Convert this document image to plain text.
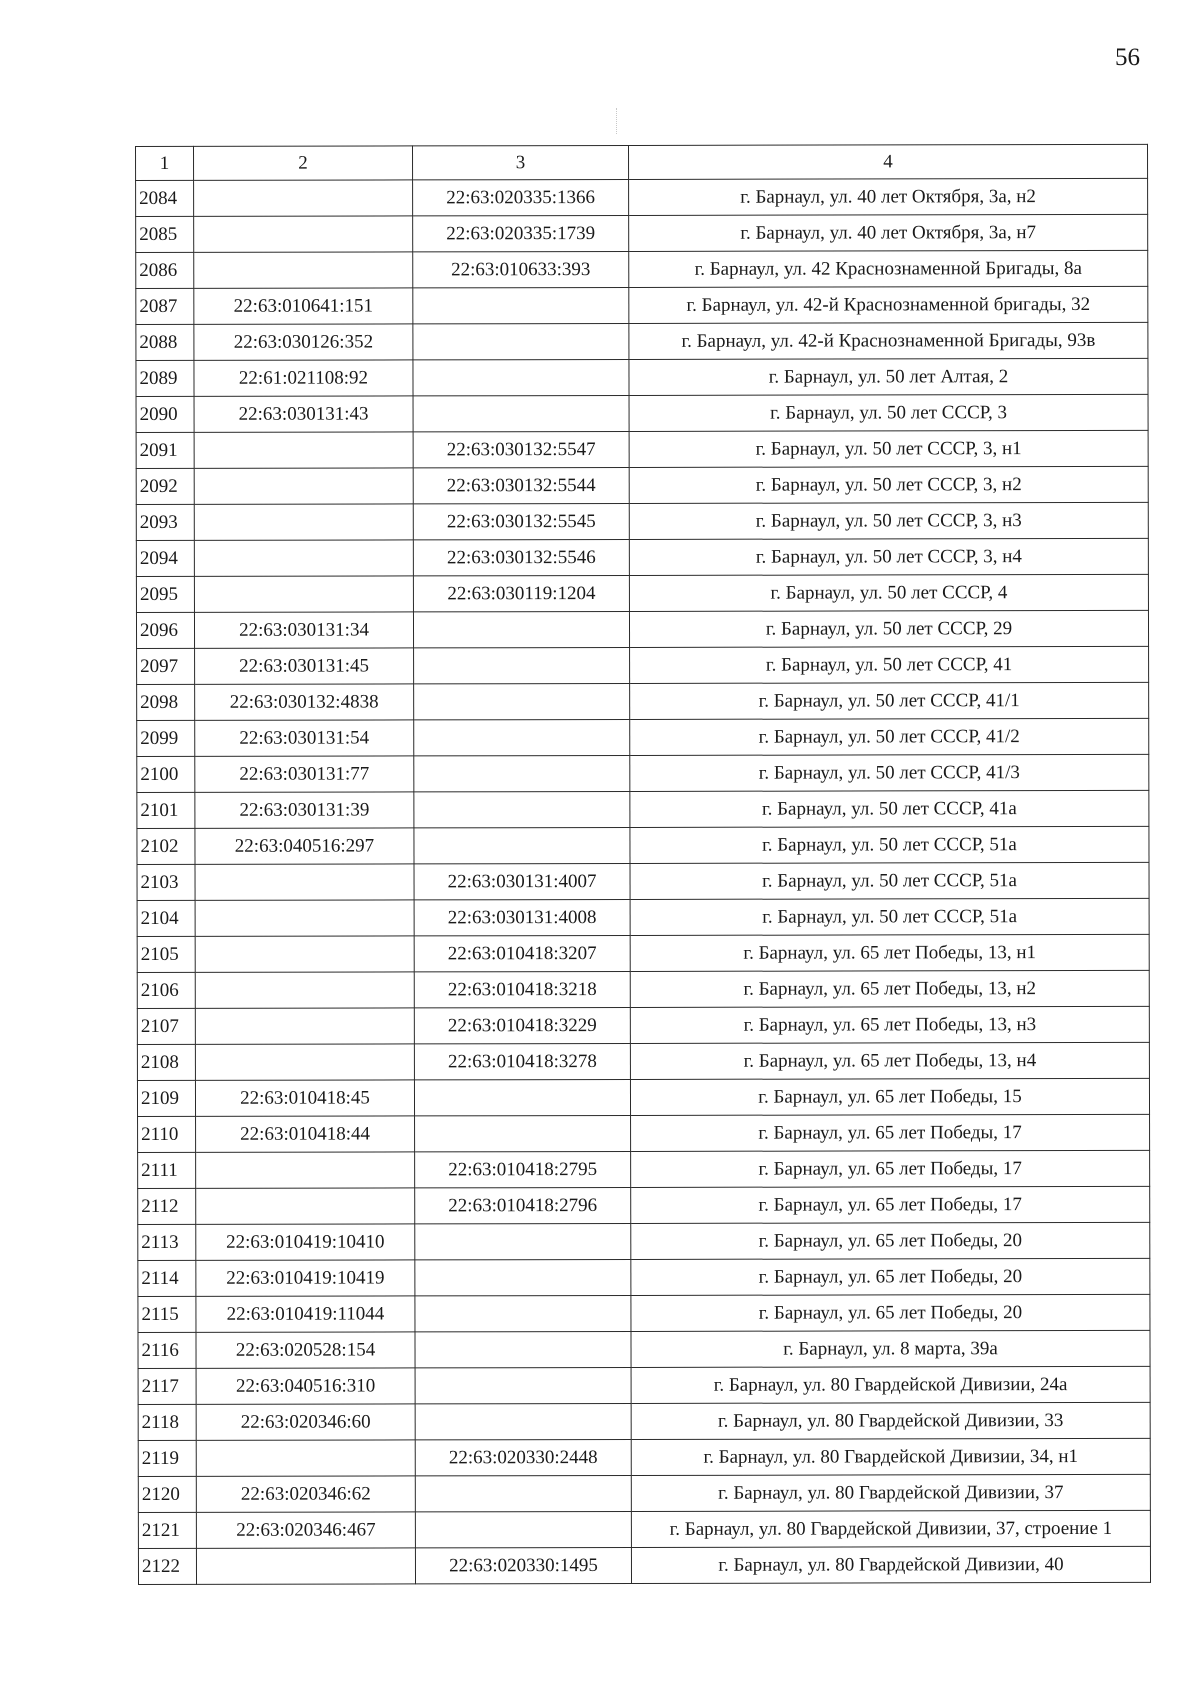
56
1	2	3	4
2084		22:63:020335:1366	г. Барнаул, ул. 40 лет Октября, 3а, н2
2085		22:63:020335:1739	г. Барнаул, ул. 40 лет Октября, 3а, н7
2086		22:63:010633:393	г. Барнаул, ул. 42 Краснознаменной Бригады, 8а
2087	22:63:010641:151		г. Барнаул, ул. 42-й Краснознаменной бригады, 32
2088	22:63:030126:352		г. Барнаул, ул. 42-й Краснознаменной Бригады, 93в
2089	22:61:021108:92		г. Барнаул, ул. 50 лет Алтая, 2
2090	22:63:030131:43		г. Барнаул, ул. 50 лет СССР, 3
2091		22:63:030132:5547	г. Барнаул, ул. 50 лет СССР, 3, н1
2092		22:63:030132:5544	г. Барнаул, ул. 50 лет СССР, 3, н2
2093		22:63:030132:5545	г. Барнаул, ул. 50 лет СССР, 3, н3
2094		22:63:030132:5546	г. Барнаул, ул. 50 лет СССР, 3, н4
2095		22:63:030119:1204	г. Барнаул, ул. 50 лет СССР, 4
2096	22:63:030131:34		г. Барнаул, ул. 50 лет СССР, 29
2097	22:63:030131:45		г. Барнаул, ул. 50 лет СССР, 41
2098	22:63:030132:4838		г. Барнаул, ул. 50 лет СССР, 41/1
2099	22:63:030131:54		г. Барнаул, ул. 50 лет СССР, 41/2
2100	22:63:030131:77		г. Барнаул, ул. 50 лет СССР, 41/3
2101	22:63:030131:39		г. Барнаул, ул. 50 лет СССР, 41а
2102	22:63:040516:297		г. Барнаул, ул. 50 лет СССР, 51а
2103		22:63:030131:4007	г. Барнаул, ул. 50 лет СССР, 51а
2104		22:63:030131:4008	г. Барнаул, ул. 50 лет СССР, 51а
2105		22:63:010418:3207	г. Барнаул, ул. 65 лет Победы, 13, н1
2106		22:63:010418:3218	г. Барнаул, ул. 65 лет Победы, 13, н2
2107		22:63:010418:3229	г. Барнаул, ул. 65 лет Победы, 13, н3
2108		22:63:010418:3278	г. Барнаул, ул. 65 лет Победы, 13, н4
2109	22:63:010418:45		г. Барнаул, ул. 65 лет Победы, 15
2110	22:63:010418:44		г. Барнаул, ул. 65 лет Победы, 17
2111		22:63:010418:2795	г. Барнаул, ул. 65 лет Победы, 17
2112		22:63:010418:2796	г. Барнаул, ул. 65 лет Победы, 17
2113	22:63:010419:10410		г. Барнаул, ул. 65 лет Победы, 20
2114	22:63:010419:10419		г. Барнаул, ул. 65 лет Победы, 20
2115	22:63:010419:11044		г. Барнаул, ул. 65 лет Победы, 20
2116	22:63:020528:154		г. Барнаул, ул. 8 марта, 39а
2117	22:63:040516:310		г. Барнаул, ул. 80 Гвардейской Дивизии, 24а
2118	22:63:020346:60		г. Барнаул, ул. 80 Гвардейской Дивизии, 33
2119		22:63:020330:2448	г. Барнаул, ул. 80 Гвардейской Дивизии, 34, н1
2120	22:63:020346:62		г. Барнаул, ул. 80 Гвардейской Дивизии, 37
2121	22:63:020346:467		г. Барнаул, ул. 80 Гвардейской Дивизии, 37, строение 1
2122		22:63:020330:1495	г. Барнаул, ул. 80 Гвардейской Дивизии, 40
